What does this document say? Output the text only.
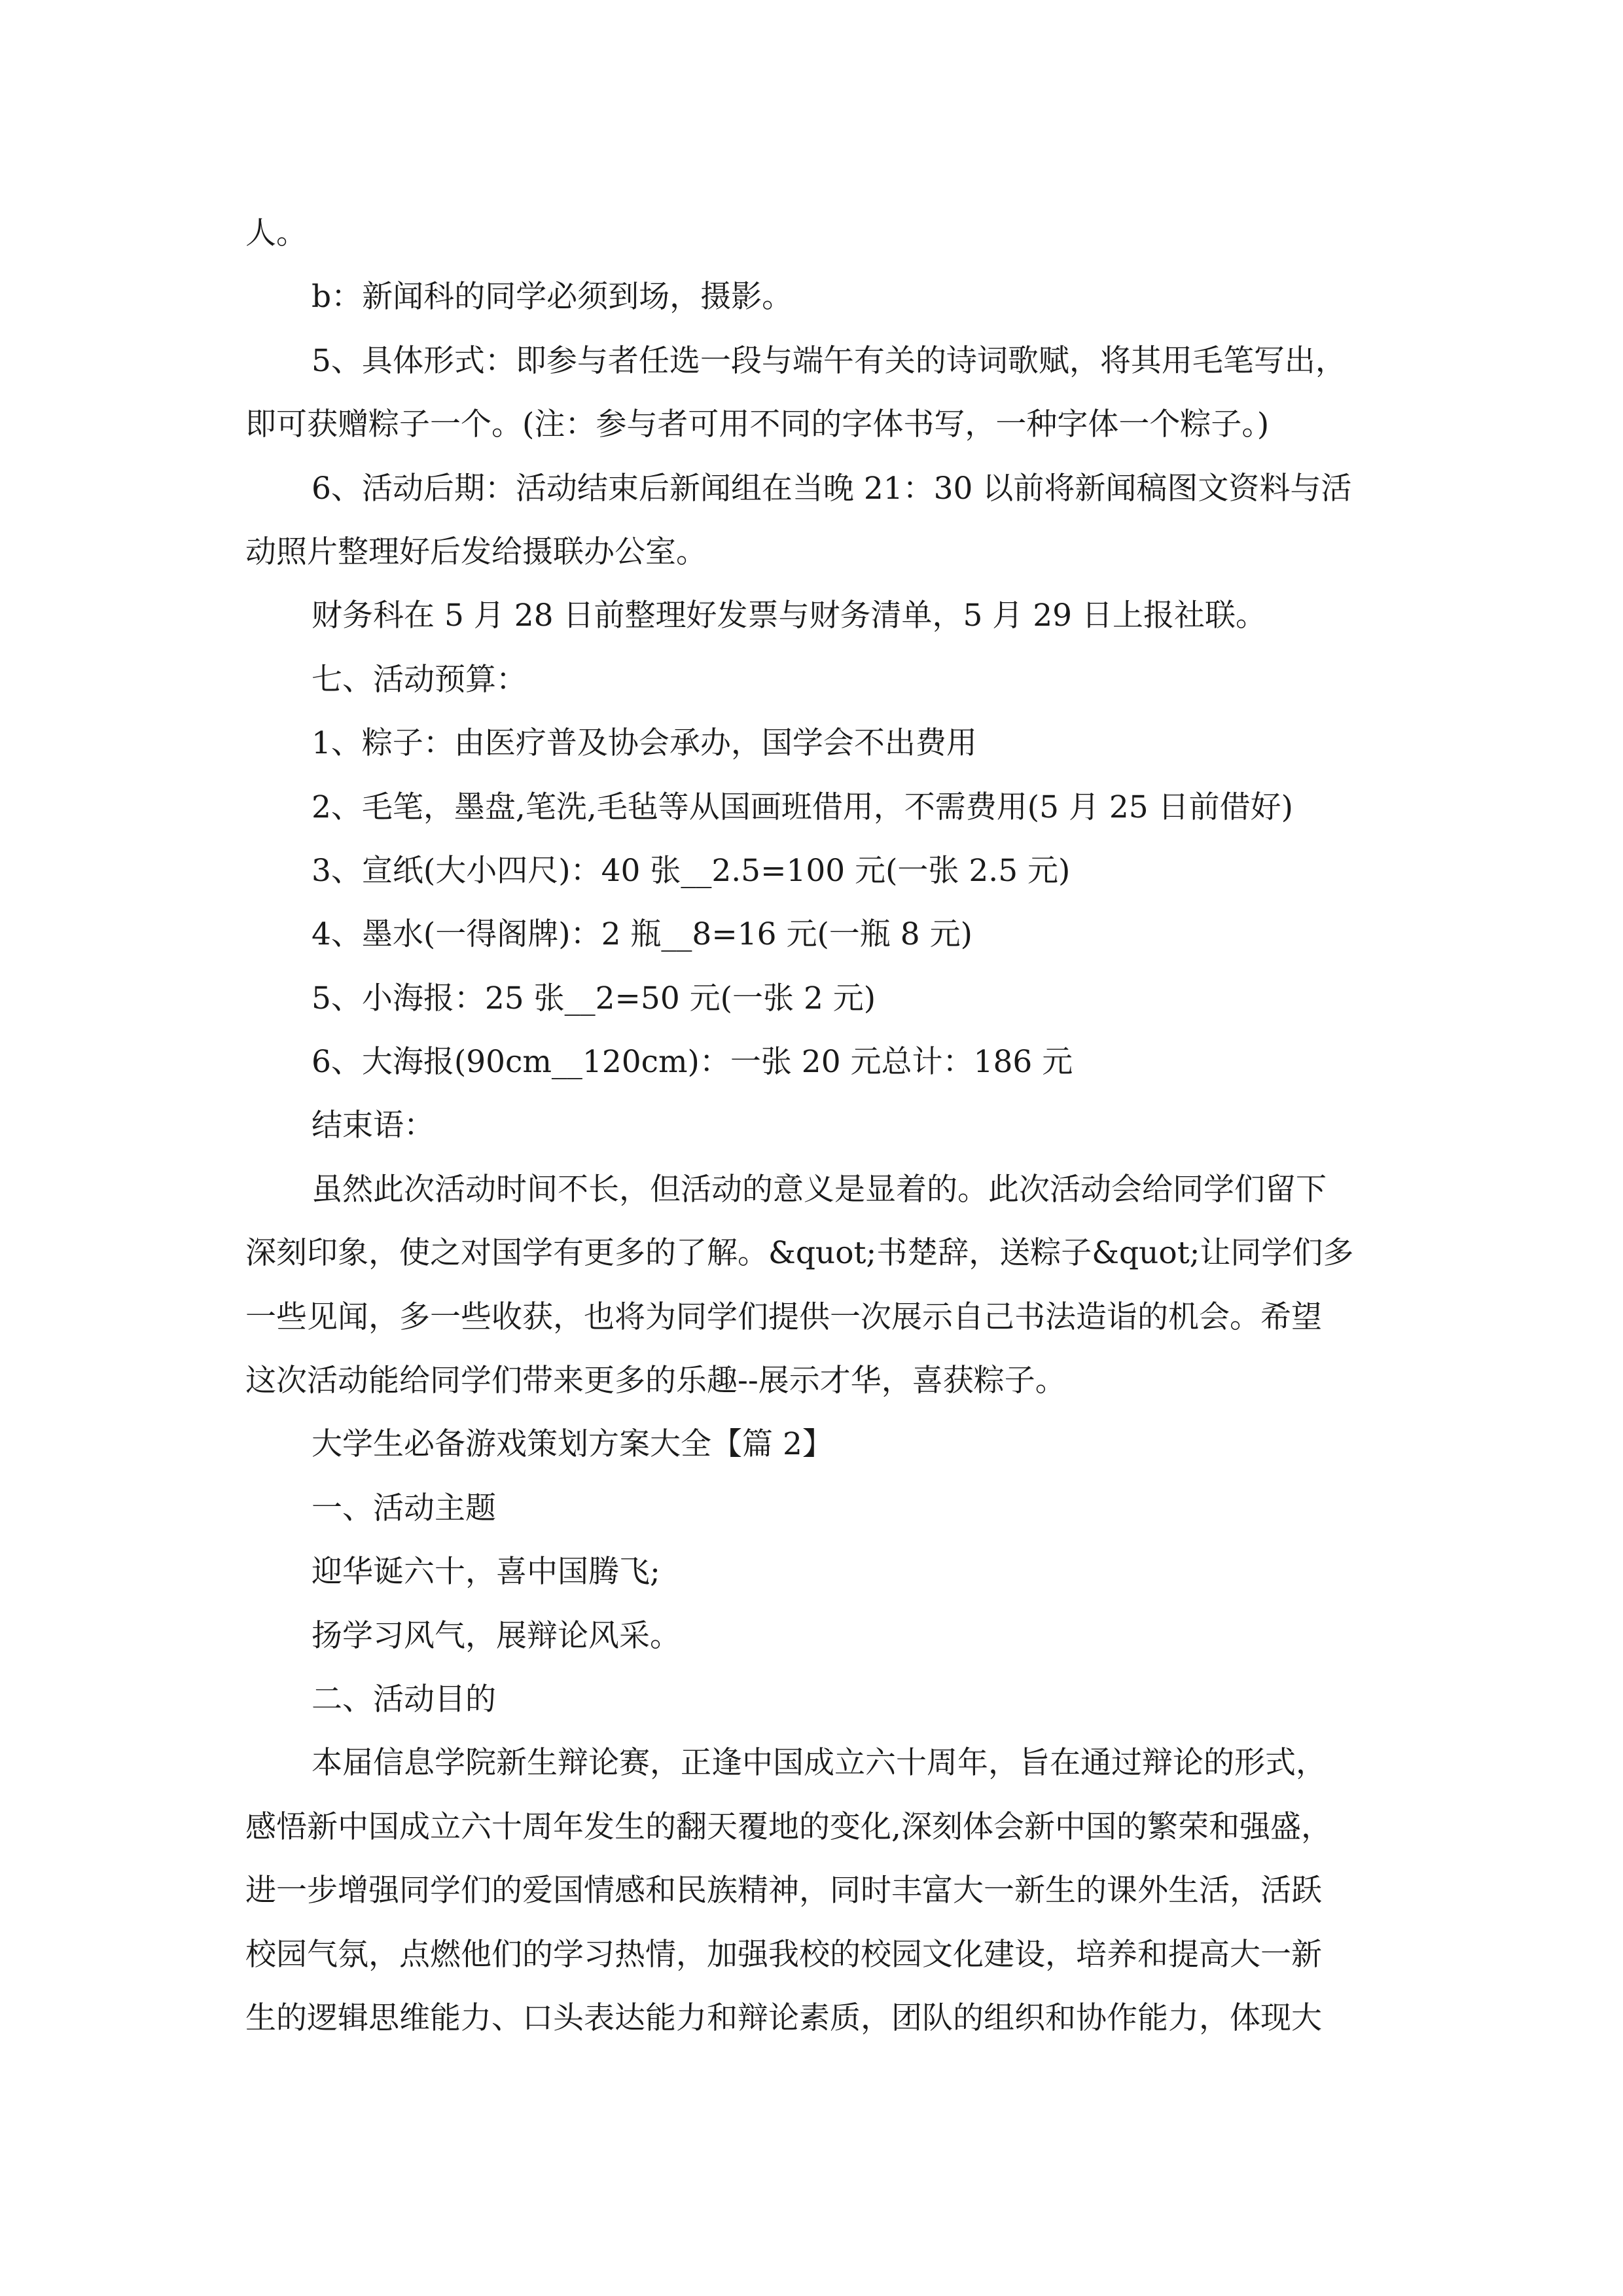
人。
b：新闻科的同学必须到场，摄影。
5、具体形式：即参与者任选一段与端午有关的诗词歌赋，将其用毛笔写出，
即可获赠粽子一个。(注：参与者可用不同的字体书写，一种字体一个粽子。)
6、活动后期：活动结束后新闻组在当晚 21：30 以前将新闻稿图文资料与活
动照片整理好后发给摄联办公室。
财务科在 5 月 28 日前整理好发票与财务清单，5 月 29 日上报社联。
七、活动预算：
1、粽子：由医疗普及协会承办，国学会不出费用
2、毛笔，墨盘,笔洗,毛毡等从国画班借用，不需费用(5 月 25 日前借好)
3、宣纸(大小四尺)：40 张__2.5=100 元(一张 2.5 元)
4、墨水(一得阁牌)：2 瓶__8=16 元(一瓶 8 元)
5、小海报：25 张__2=50 元(一张 2 元)
6、大海报(90cm__120cm)：一张 20 元总计：186 元
结束语：
虽然此次活动时间不长，但活动的意义是显着的。此次活动会给同学们留下
深刻印象，使之对国学有更多的了解。&quot;书楚辞，送粽子&quot;让同学们多
一些见闻，多一些收获，也将为同学们提供一次展示自己书法造诣的机会。希望
这次活动能给同学们带来更多的乐趣--展示才华，喜获粽子。
大学生必备游戏策划方案大全【篇 2】
一、活动主题
迎华诞六十，喜中国腾飞;
扬学习风气，展辩论风采。
二、活动目的
本届信息学院新生辩论赛，正逢中国成立六十周年，旨在通过辩论的形式，
感悟新中国成立六十周年发生的翻天覆地的变化,深刻体会新中国的繁荣和强盛，
进一步增强同学们的爱国情感和民族精神，同时丰富大一新生的课外生活，活跃
校园气氛，点燃他们的学习热情，加强我校的校园文化建设，培养和提高大一新
生的逻辑思维能力、口头表达能力和辩论素质，团队的组织和协作能力，体现大
